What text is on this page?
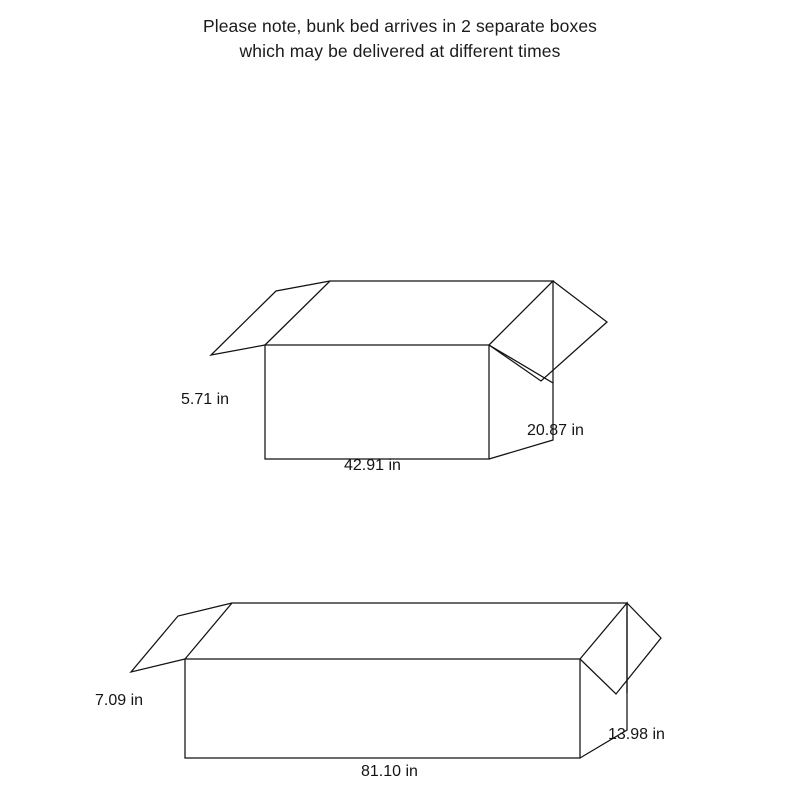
Please note, bunk bed arrives in 2 separate boxes
which may be delivered at different times
5.71 in
20.87 in
42.91 in
7.09 in
13.98 in
81.10 in
